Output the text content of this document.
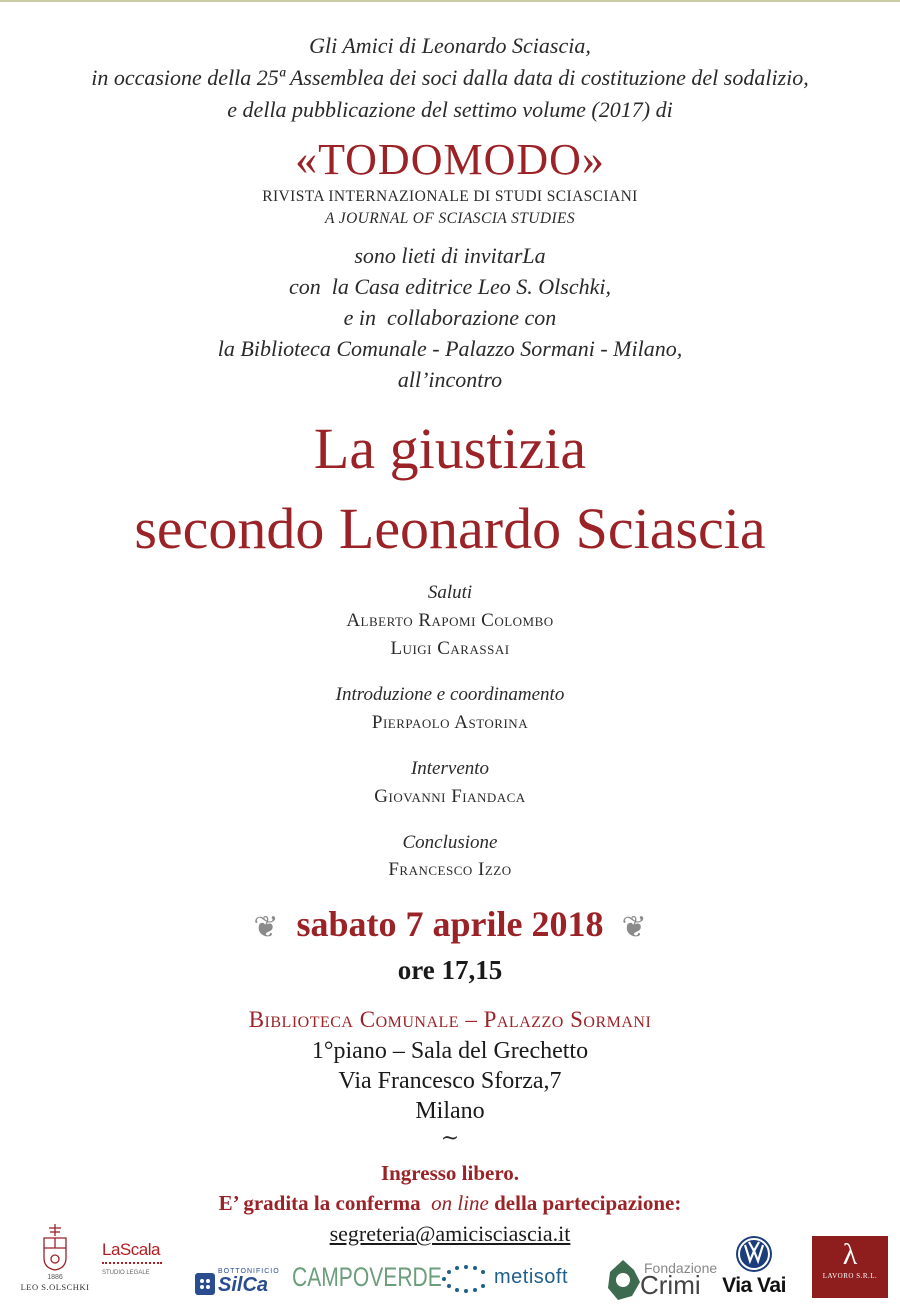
Gli Amici di Leonardo Sciascia,
in occasione della 25ª Assemblea dei soci dalla data di costituzione del sodalizio,
e della pubblicazione del settimo volume (2017) di
«TODOMODO»
RIVISTA INTERNAZIONALE DI STUDI SCIASCIANI
A JOURNAL OF SCIASCIA STUDIES
sono lieti di invitarLa
con  la Casa editrice Leo S. Olschki,
e in  collaborazione con
la Biblioteca Comunale - Palazzo Sormani - Milano,
all’incontro
La giustizia
secondo Leonardo Sciascia
Saluti
Alberto Rapomi Colombo
Luigi Carassai
Introduzione e coordinamento
Pierpaolo Astorina
Intervento
Giovanni Fiandaca
Conclusione
Francesco Izzo
❦ sabato 7 aprile 2018 ❦
ore 17,15
Biblioteca Comunale – Palazzo Sormani
1°piano – Sala del Grechetto
Via Francesco Sforza,7
Milano
~
Ingresso libero.
E’ gradita la conferma  on line della partecipazione:
segreteria@amicisciascia.it
1886
LEO S.OLSCHKI
LaScala
STUDIO LEGALE	BOTTONIFICIO
SilCa CAMPOVERDE	metisoft	Fondazione
Crimi	Via Vai
λ
LAVORO S.R.L.
